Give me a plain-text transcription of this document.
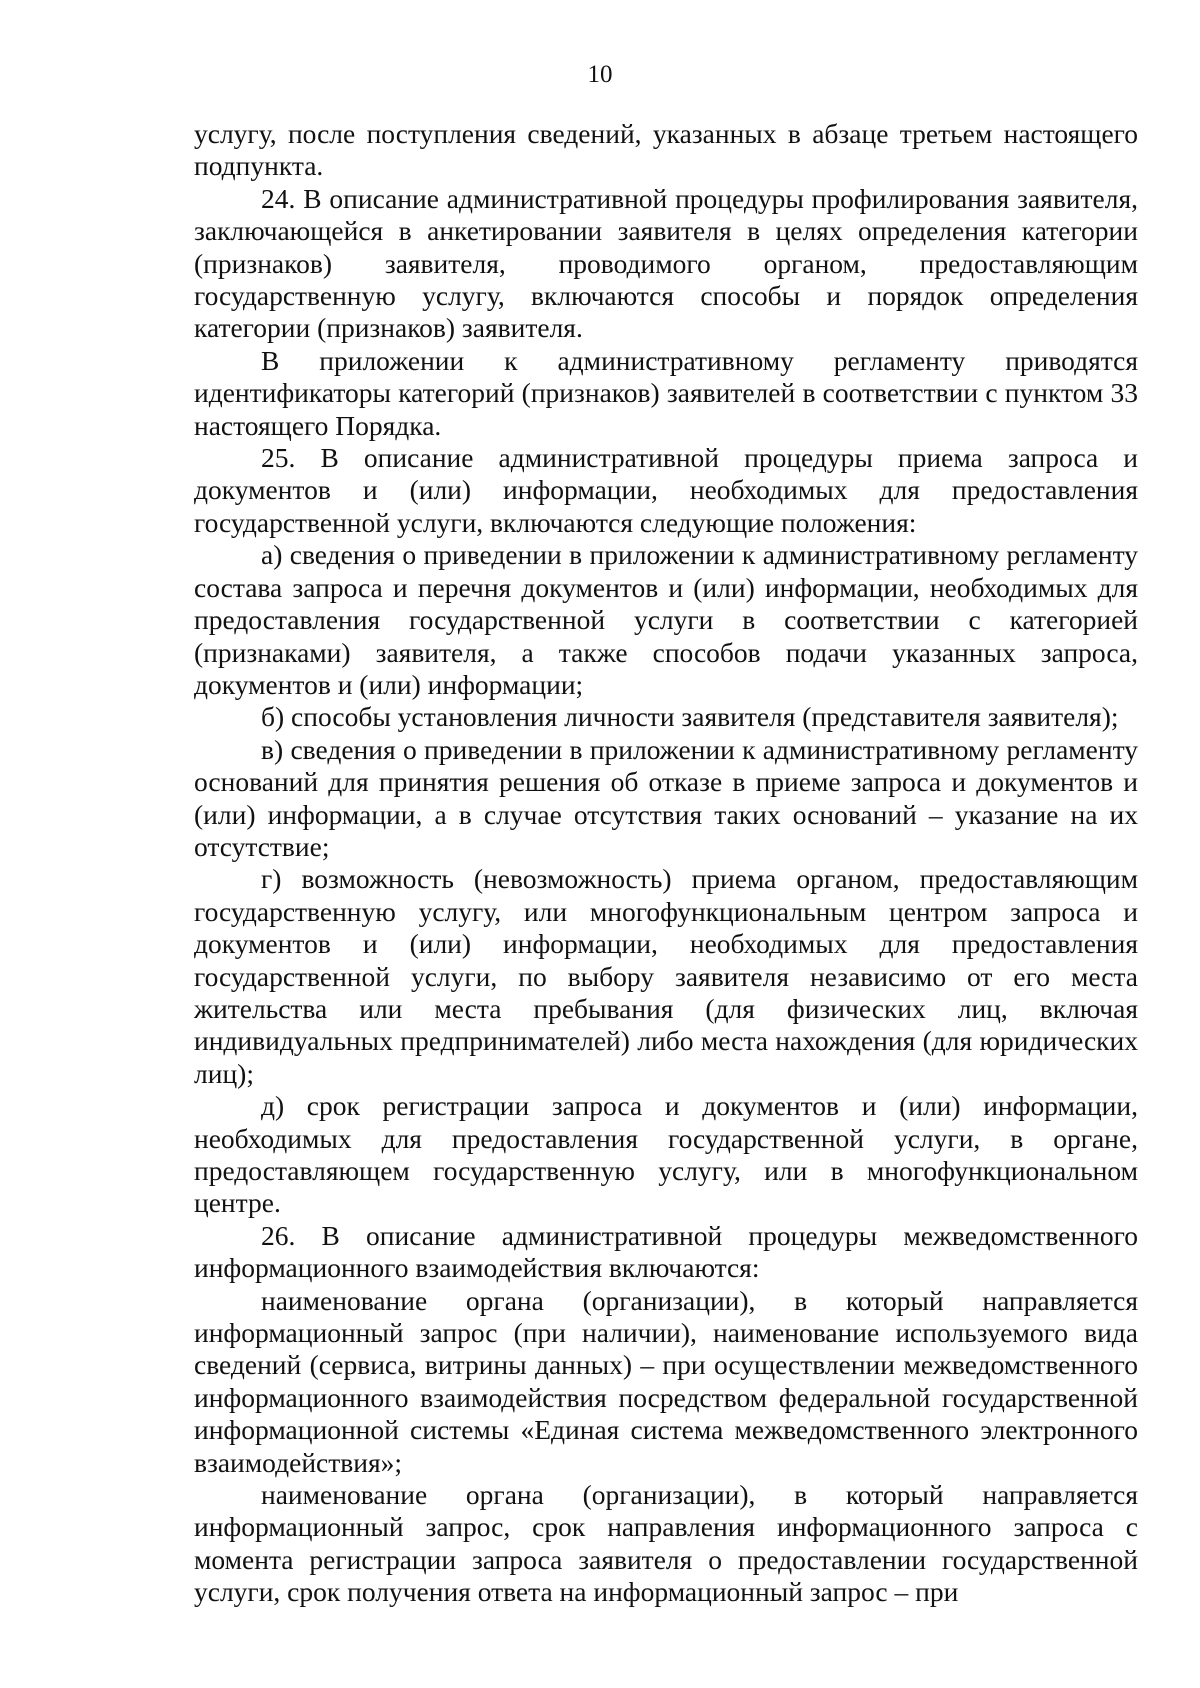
10

услугу, после поступления сведений, указанных в абзаце третьем настоящего подпункта.

24. В описание административной процедуры профилирования заявителя, заключающейся в анкетировании заявителя в целях определения категории (признаков) заявителя, проводимого органом, предоставляющим государственную услугу, включаются способы и порядок определения категории (признаков) заявителя.

В приложении к административному регламенту приводятся идентификаторы категорий (признаков) заявителей в соответствии с пунктом 33 настоящего Порядка.

25. В описание административной процедуры приема запроса и документов и (или) информации, необходимых для предоставления государственной услуги, включаются следующие положения:

а) сведения о приведении в приложении к административному регламенту состава запроса и перечня документов и (или) информации, необходимых для предоставления государственной услуги в соответствии с категорией (признаками) заявителя, а также способов подачи указанных запроса, документов и (или) информации;

б) способы установления личности заявителя (представителя заявителя);

в) сведения о приведении в приложении к административному регламенту оснований для принятия решения об отказе в приеме запроса и документов и (или) информации, а в случае отсутствия таких оснований – указание на их отсутствие;

г) возможность (невозможность) приема органом, предоставляющим государственную услугу, или многофункциональным центром запроса и документов и (или) информации, необходимых для предоставления государственной услуги, по выбору заявителя независимо от его места жительства или места пребывания (для физических лиц, включая индивидуальных предпринимателей) либо места нахождения (для юридических лиц);

д) срок регистрации запроса и документов и (или) информации, необходимых для предоставления государственной услуги, в органе, предоставляющем государственную услугу, или в многофункциональном центре.

26. В описание административной процедуры межведомственного информационного взаимодействия включаются:

наименование органа (организации), в который направляется информационный запрос (при наличии), наименование используемого вида сведений (сервиса, витрины данных) – при осуществлении межведомственного информационного взаимодействия посредством федеральной государственной информационной системы «Единая система межведомственного электронного взаимодействия»;

наименование органа (организации), в который направляется информационный запрос, срок направления информационного запроса с момента регистрации запроса заявителя о предоставлении государственной услуги, срок получения ответа на информационный запрос – при
